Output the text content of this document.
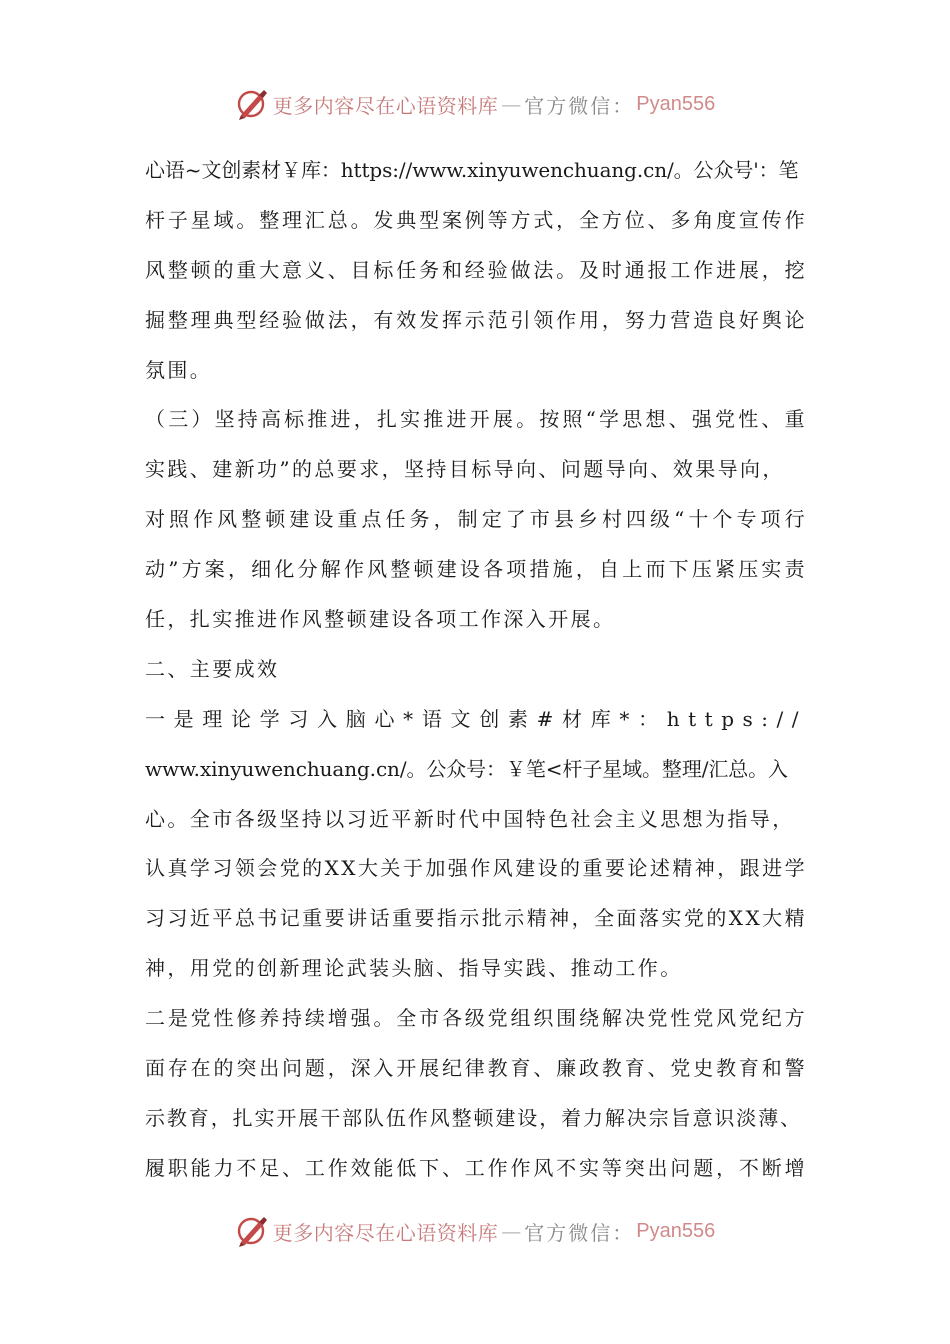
更多内容尽在心语资料库 — 官方微信： Pyan556
心语~文创素材￥库：https://www.xinyuwenchuang.cn/。公众号'：笔
杆子星域。整理汇总。发典型案例等方式，全方位、多角度宣传作
风整顿的重大意义、目标任务和经验做法。及时通报工作进展，挖
掘整理典型经验做法，有效发挥示范引领作用，努力营造良好舆论
氛围。
（三）坚持高标推进，扎实推进开展。按照“学思想、强党性、重
实践、建新功”的总要求，坚持目标导向、问题导向、效果导向，
对照作风整顿建设重点任务，制定了市县乡村四级“十个专项行
动”方案，细化分解作风整顿建设各项措施，自上而下压紧压实责
任，扎实推进作风整顿建设各项工作深入开展。
二、主要成效
一是理论学习入脑心*语文创素#材库*：https://
www.xinyuwenchuang.cn/。公众号：￥笔<杆子星域。整理/汇总。入
心。全市各级坚持以习近平新时代中国特色社会主义思想为指导，
认真学习领会党的XX大关于加强作风建设的重要论述精神，跟进学
习习近平总书记重要讲话重要指示批示精神，全面落实党的XX大精
神，用党的创新理论武装头脑、指导实践、推动工作。
二是党性修养持续增强。全市各级党组织围绕解决党性党风党纪方
面存在的突出问题，深入开展纪律教育、廉政教育、党史教育和警
示教育，扎实开展干部队伍作风整顿建设，着力解决宗旨意识淡薄、
履职能力不足、工作效能低下、工作作风不实等突出问题，不断增
更多内容尽在心语资料库 — 官方微信： Pyan556
